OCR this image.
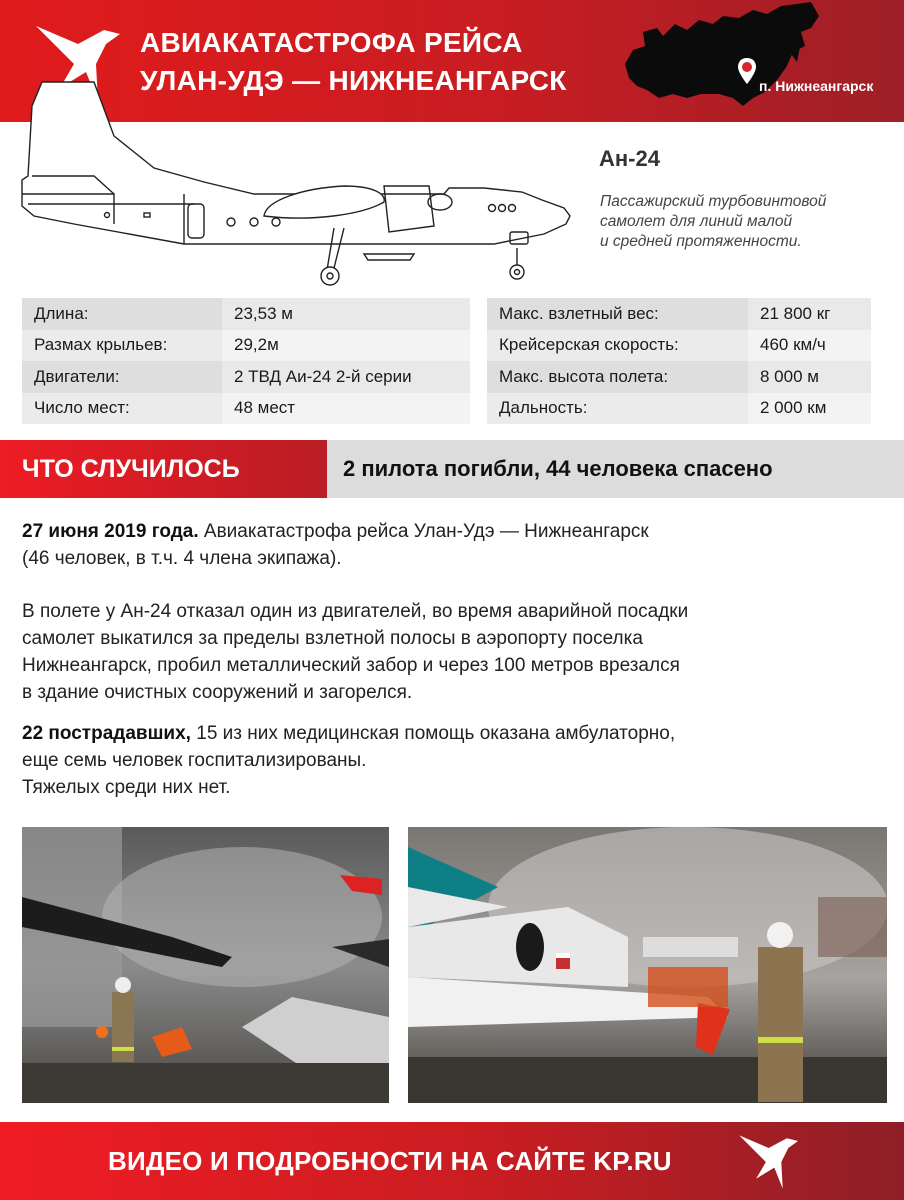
АВИАКАТАСТРОФА РЕЙСА
УЛАН-УДЭ — НИЖНЕАНГАРСК	п. Нижнеангарск
Ан-24
Пассажирский турбовинтовой
самолет для линий малой
и средней протяженности.
Длина:	23,53 м
Размах крыльев:	29,2м
Двигатели:	2 ТВД Аи-24 2-й серии
Число мест:	48 мест
Макс. взлетный вес:	21 800 кг
Крейсерская скорость:	460 км/ч
Макс. высота полета:	8 000 м
Дальность:	2 000 км
ЧТО СЛУЧИЛОСЬ	2 пилота погибли, 44 человека спасено
27 июня 2019 года. Авиакатастрофа рейса Улан-Удэ — Нижнеангарск
(46 человек, в т.ч. 4 члена экипажа).
В полете у Ан-24 отказал один из двигателей, во время аварийной посадки
самолет выкатился за пределы взлетной полосы в аэропорту поселка
Нижнеангарск, пробил металлический забор и через 100 метров врезался
в здание очистных сооружений и загорелся.
22 пострадавших, 15 из них медицинская помощь оказана амбулаторно,
еще семь человек госпитализированы.
Тяжелых среди них нет.
ВИДЕО И ПОДРОБНОСТИ НА САЙТЕ KP.RU
